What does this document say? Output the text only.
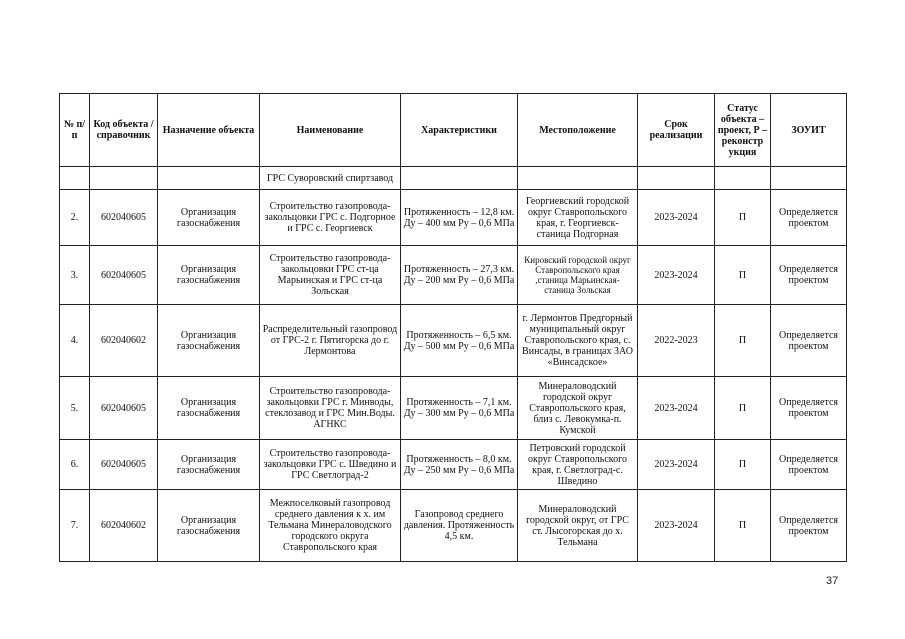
№ п/п	Код объекта / справочник	Назначение объекта	Наименование	Характеристики	Местоположение	Срок реализации	Статус объекта – проект, Р – реконстр укция	ЗОУИТ
			ГРС Суворовский спиртзавод					
2.	602040605	Организация газоснабжения	Строительство газопровода-закольцовки ГРС с. Подгорное и ГРС с. Георгиевск	Протяженность – 12,8 км. Ду – 400 мм Ру – 0,6 МПа	Георгиевский городской округ Ставропольского края, г. Георгиевск-станица Подгорная	2023-2024	П	Определяется проектом
3.	602040605	Организация газоснабжения	Строительство газопровода-закольцовки ГРС ст-ца Марьинская и ГРС ст-ца Зольская	Протяженность – 27,3 км. Ду – 200 мм Ру – 0,6 МПа	Кировский городской округ Ставропольского края ,станица Марьинская-станица Зольская	2023-2024	П	Определяется проектом
4.	602040602	Организация газоснабжения	Распределительный газопровод от ГРС-2 г. Пятигорска до г. Лермонтова	Протяженность – 6,5 км. Ду – 500 мм Ру – 0,6 МПа	г. Лермонтов Предгорный муниципальный округ Ставропольского края, с. Винсады, в границах ЗАО «Винсадское»	2022-2023	П	Определяется проектом
5.	602040605	Организация газоснабжения	Строительство газопровода-закольцовки ГРС г. Минводы, стеклозавод и ГРС Мин.Воды. АГНКС	Протяженность – 7,1 км. Ду – 300 мм Ру – 0,6 МПа	Минераловодский городской округ Ставропольского края, близ с. Левокумка-п. Кумской	2023-2024	П	Определяется проектом
6.	602040605	Организация газоснабжения	Строительство газопровода-закольцовки ГРС с. Шведино и ГРС Светлоград-2	Протяженность – 8,0 км. Ду – 250 мм Ру – 0,6 МПа	Петровский городской округ Ставропольского края, г. Светлоград-с. Шведино	2023-2024	П	Определяется проектом
7.	602040602	Организация газоснабжения	Межпоселковый газопровод среднего давления к х. им Тельмана Минераловодского городского округа Ставропольского края	Газопровод среднего давления. Протяженность 4,5 км.	Минераловодский городской округ, от ГРС ст. Лысогорская до х. Тельмана	2023-2024	П	Определяется проектом
37
